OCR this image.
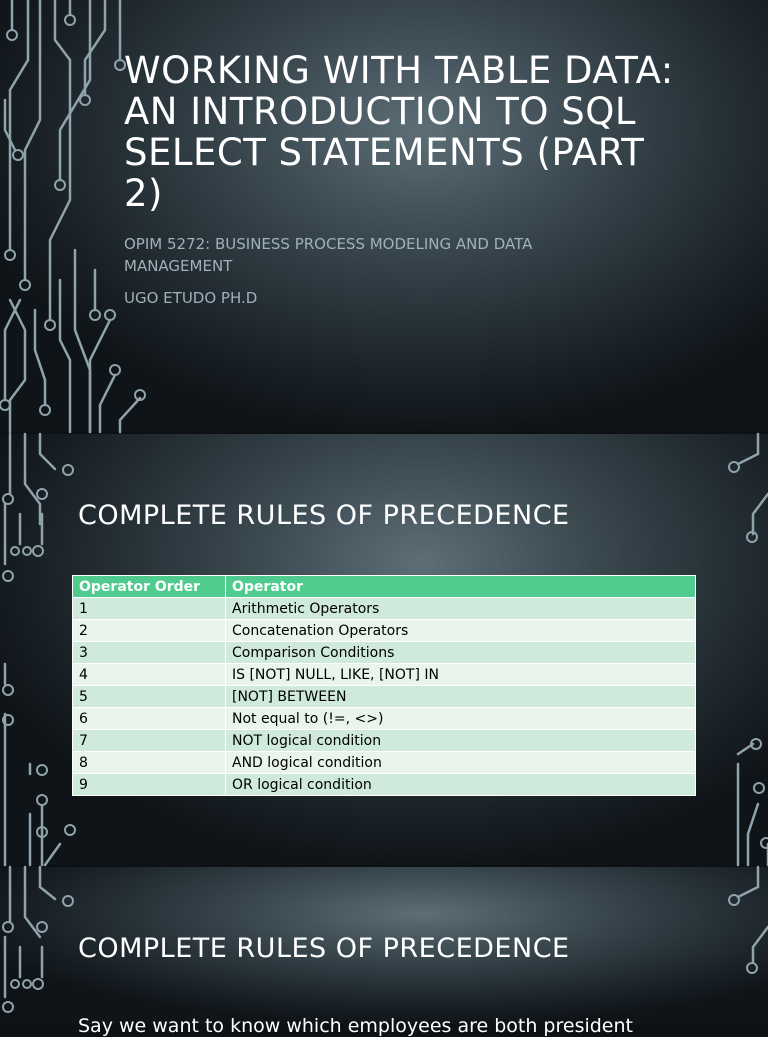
WORKING WITH TABLE DATA: AN INTRODUCTION TO SQL SELECT STATEMENTS (PART 2)

OPIM 5272: BUSINESS PROCESS MODELING AND DATA MANAGEMENT

UGO ETUDO PH.D

COMPLETE RULES OF PRECEDENCE
Operator Order	Operator
1	Arithmetic Operators
2	Concatenation Operators
3	Comparison Conditions
4	IS [NOT] NULL, LIKE, [NOT] IN
5	[NOT] BETWEEN
6	Not equal to (!=, <>)
7	NOT logical condition
8	AND logical condition
9	OR logical condition
COMPLETE RULES OF PRECEDENCE

Say we want to know which employees are both president
